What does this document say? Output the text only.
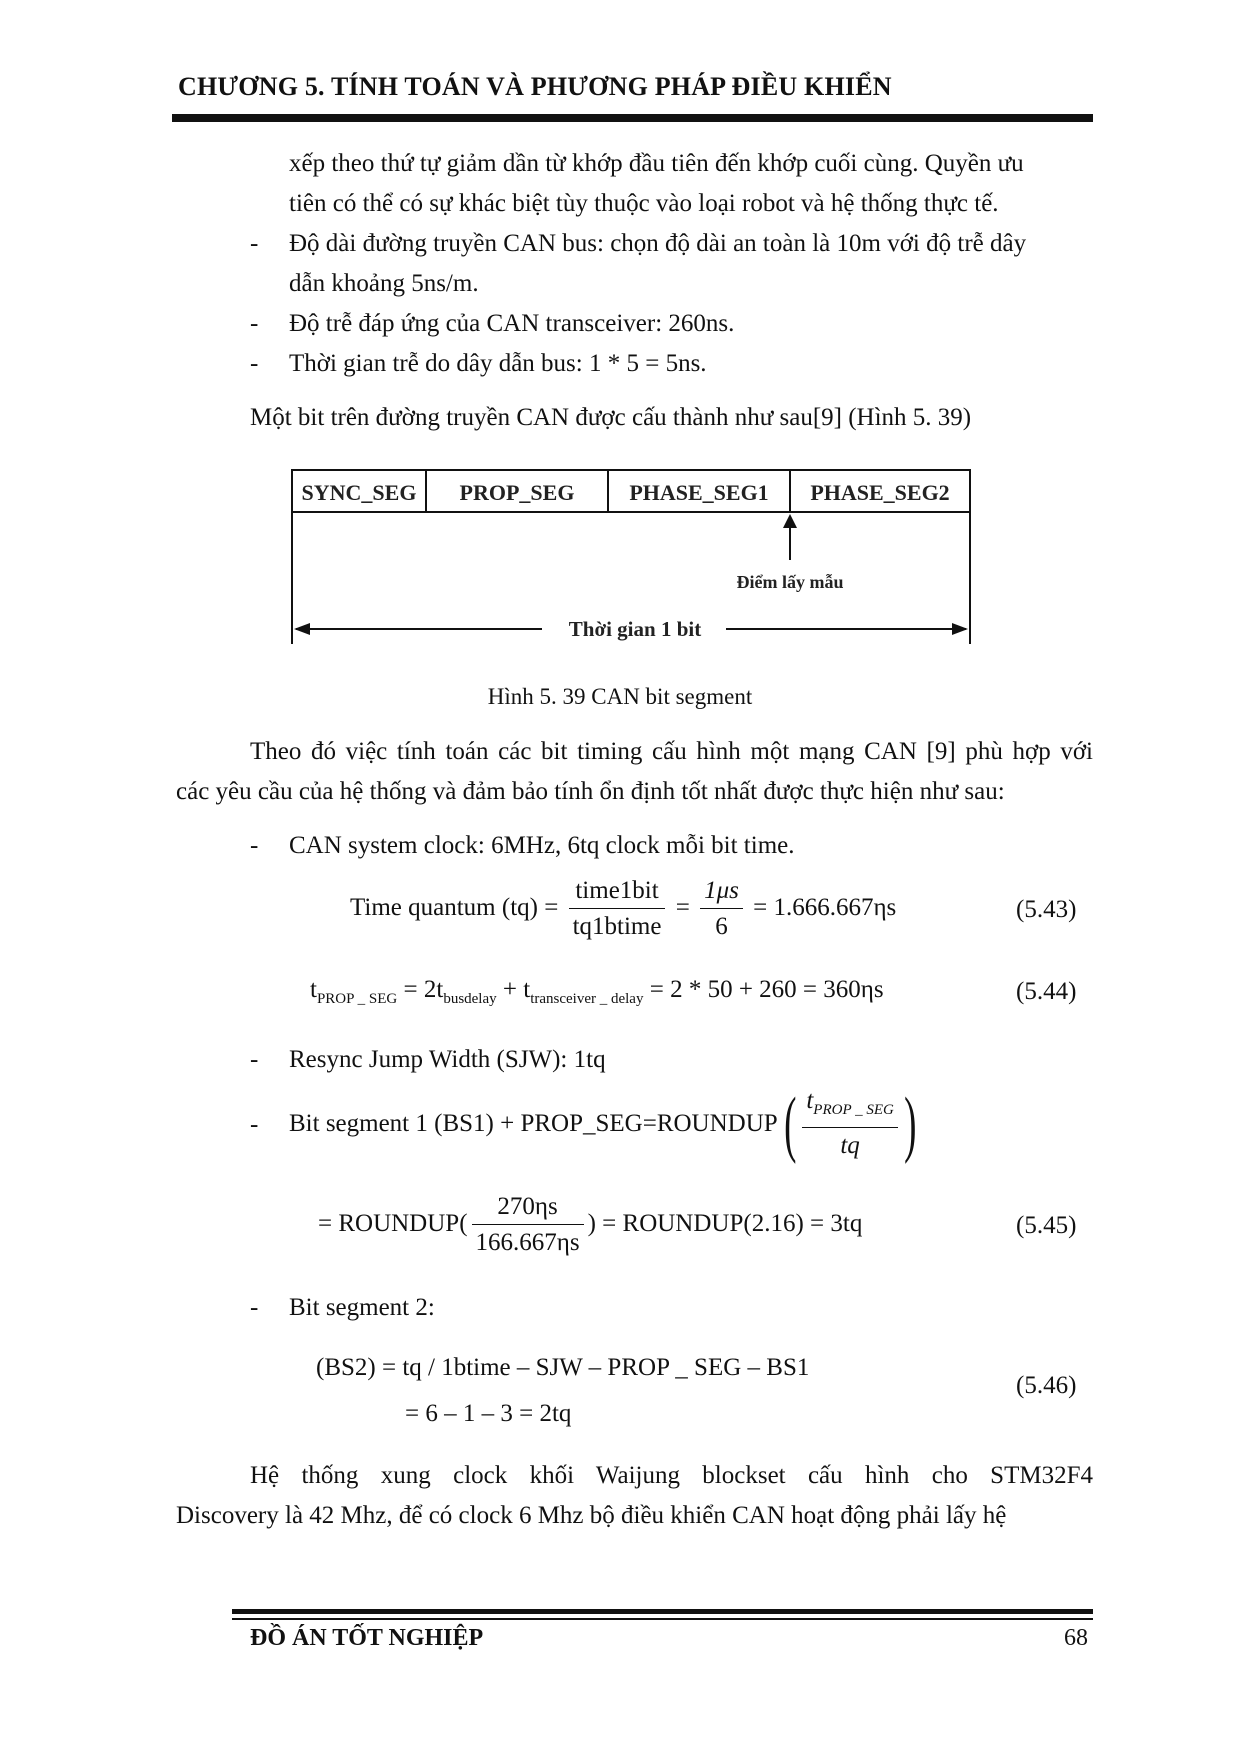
CHƯƠNG 5. TÍNH TOÁN VÀ PHƯƠNG PHÁP ĐIỀU KHIỂN
xếp theo thứ tự giảm dần từ khớp đầu tiên đến khớp cuối cùng. Quyền ưu
tiên có thể có sự khác biệt tùy thuộc vào loại robot và hệ thống thực tế.
- Độ dài đường truyền CAN bus: chọn độ dài an toàn là 10m với độ trễ dây
dẫn khoảng 5ns/m.
- Độ trễ đáp ứng của CAN transceiver: 260ns.
- Thời gian trễ do dây dẫn bus: 1 * 5 = 5ns.
Một bit trên đường truyền CAN được cấu thành như sau[9] (Hình 5. 39)
SYNC_SEG PROP_SEG PHASE_SEG1 PHASE_SEG2
Điểm lấy mẫu
Thời gian 1 bit
Hình 5. 39 CAN bit segment
Theo đó việc tính toán các bit timing cấu hình một mạng CAN [9] phù hợp với
các yêu cầu của hệ thống và đảm bảo tính ổn định tốt nhất được thực hiện như sau:
- CAN system clock: 6MHz, 6tq clock mỗi bit time.
Time quantum $(tq) = \frac{\text{time1bit}}{\text{tq1btime}} = \frac{1\mu s}{6} = 1.666.667\eta s$	(5.43)
$t_{PROP \_ SEG} = 2t_{busdelay} + t_{transceiver \_ delay} = 2 * 50 + 260 = 360\eta s$	(5.44)
- Resync Jump Width (SJW): 1tq
- Bit segment 1 (BS1) + PROP_SEG=ROUNDUP ( $\frac{t_{PROP \_ SEG}}{tq}$ )
= ROUNDUP( $\frac{270\eta s}{166.667\eta s}$ ) = ROUNDUP(2.16) = 3tq	(5.45)
- Bit segment 2:
(BS2) = tq / 1btime – SJW – PROP _ SEG – BS1
= 6 – 1 – 3 = 2tq
(5.46)
Hệ thống xung clock khối Waijung blockset cấu hình cho STM32F4
Discovery là 42 Mhz, để có clock 6 Mhz bộ điều khiển CAN hoạt động phải lấy hệ
ĐỒ ÁN TỐT NGHIỆP	68
